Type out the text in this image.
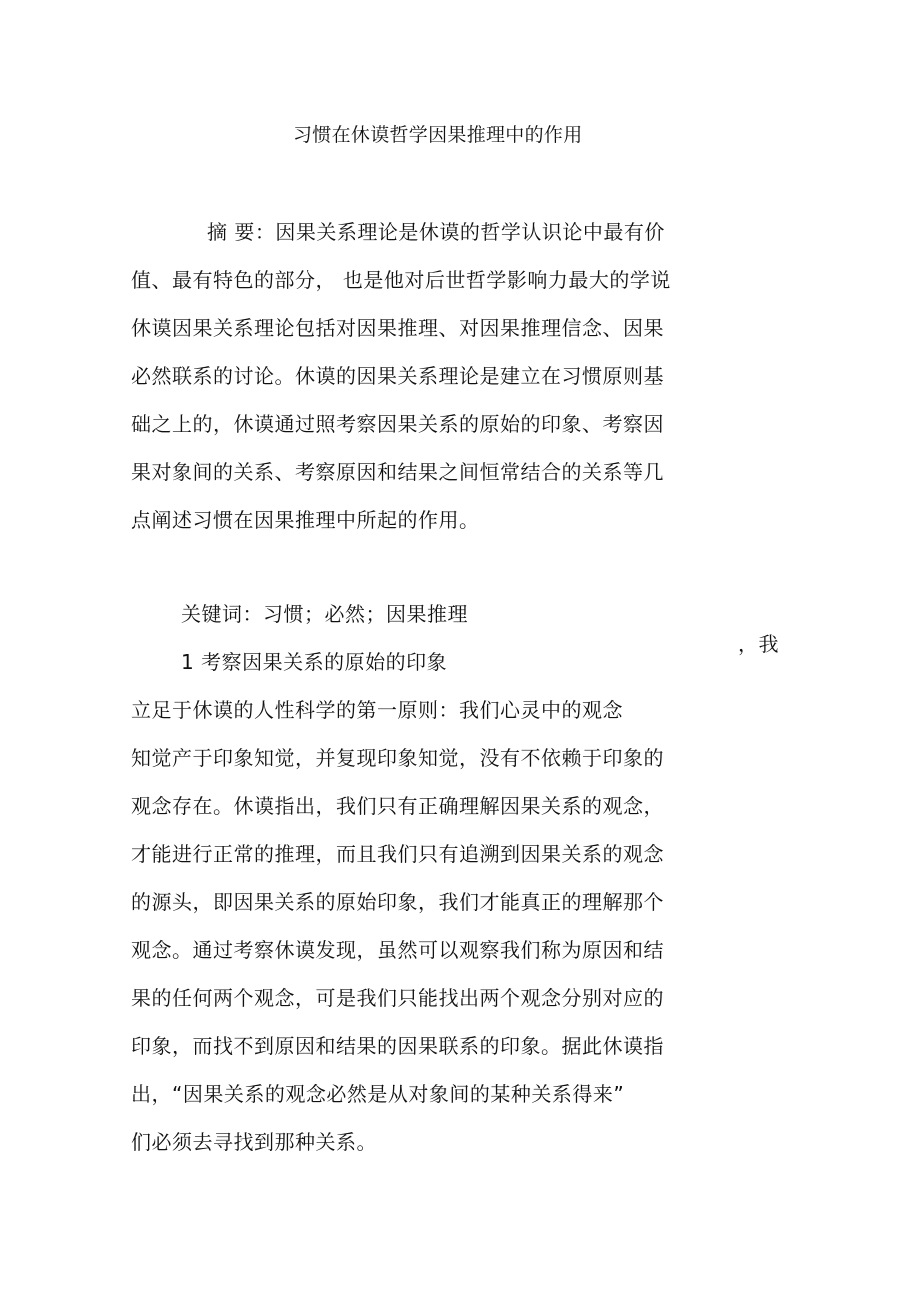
习惯在休谟哲学因果推理中的作用
摘 要：因果关系理论是休谟的哲学认识论中最有价
值、最有特色的部分， 也是他对后世哲学影响力最大的学说
休谟因果关系理论包括对因果推理、对因果推理信念、因果
必然联系的讨论。休谟的因果关系理论是建立在习惯原则基
础之上的，休谟通过照考察因果关系的原始的印象、考察因
果对象间的关系、考察原因和结果之间恒常结合的关系等几
点阐述习惯在因果推理中所起的作用。
关键词：习惯；必然；因果推理
，我
1 考察因果关系的原始的印象
立足于休谟的人性科学的第一原则：我们心灵中的观念
知觉产于印象知觉，并复现印象知觉，没有不依赖于印象的
观念存在。休谟指出，我们只有正确理解因果关系的观念，
才能进行正常的推理，而且我们只有追溯到因果关系的观念
的源头，即因果关系的原始印象，我们才能真正的理解那个
观念。通过考察休谟发现，虽然可以观察我们称为原因和结
果的任何两个观念，可是我们只能找出两个观念分别对应的
印象，而找不到原因和结果的因果联系的印象。据此休谟指
出，“因果关系的观念必然是从对象间的某种关系得来”
们必须去寻找到那种关系。
